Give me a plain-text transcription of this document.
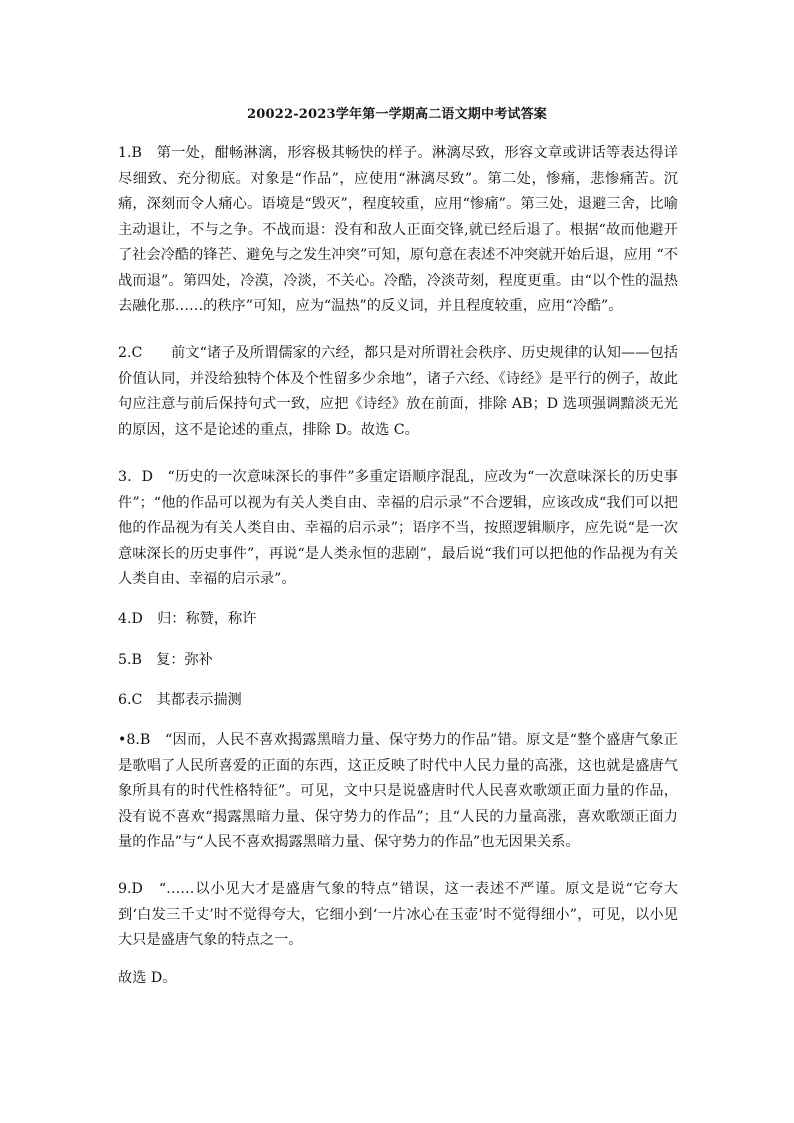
20022-2023学年第一学期高二语文期中考试答案

1.B　第一处，酣畅淋漓，形容极其畅快的样子。淋漓尽致，形容文章或讲话等表达得详尽细致、充分彻底。对象是“作品”，应使用“淋漓尽致”。第二处，惨痛，悲惨痛苦。沉痛，深刻而令人痛心。语境是“毁灭”，程度较重，应用“惨痛”。第三处，退避三舍，比喻主动退让，不与之争。不战而退：没有和敌人正面交锋,就已经后退了。根据“故而他避开了社会冷酷的锋芒、避免与之发生冲突”可知，原句意在表述不冲突就开始后退，应用 “不战而退”。第四处，冷漠，冷淡，不关心。冷酷，冷淡苛刻，程度更重。由“以个性的温热去融化那……的秩序”可知，应为“温热”的反义词，并且程度较重，应用“冷酷”。

2.C　　前文“诸子及所谓儒家的六经，都只是对所谓社会秩序、历史规律的认知——包括价值认同，并没给独特个体及个性留多少余地”，诸子六经、《诗经》是平行的例子，故此句应注意与前后保持句式一致，应把《诗经》放在前面，排除 AB；D 选项强调黯淡无光的原因，这不是论述的重点，排除 D。故选 C。

3．D　“历史的一次意味深长的事件”多重定语顺序混乱，应改为“一次意味深长的历史事件”；“他的作品可以视为有关人类自由、幸福的启示录”不合逻辑，应该改成“我们可以把他的作品视为有关人类自由、幸福的启示录”；语序不当，按照逻辑顺序，应先说“是一次意味深长的历史事件”，再说“是人类永恒的悲剧”，最后说“我们可以把他的作品视为有关人类自由、幸福的启示录”。

4.D　归：称赞，称许

5.B　复：弥补

6.C　其都表示揣测

•8.B　“因而，人民不喜欢揭露黑暗力量、保守势力的作品”错。原文是“整个盛唐气象正是歌唱了人民所喜爱的正面的东西，这正反映了时代中人民力量的高涨，这也就是盛唐气象所具有的时代性格特征”。可见，文中只是说盛唐时代人民喜欢歌颂正面力量的作品，没有说不喜欢“揭露黑暗力量、保守势力的作品”；且“人民的力量高涨，喜欢歌颂正面力量的作品”与“人民不喜欢揭露黑暗力量、保守势力的作品”也无因果关系。

9.D　“……以小见大才是盛唐气象的特点”错误，这一表述不严谨。原文是说“它夸大到‘白发三千丈’时不觉得夸大，它细小到‘一片冰心在玉壶’时不觉得细小”，可见，以小见大只是盛唐气象的特点之一。

故选 D。
